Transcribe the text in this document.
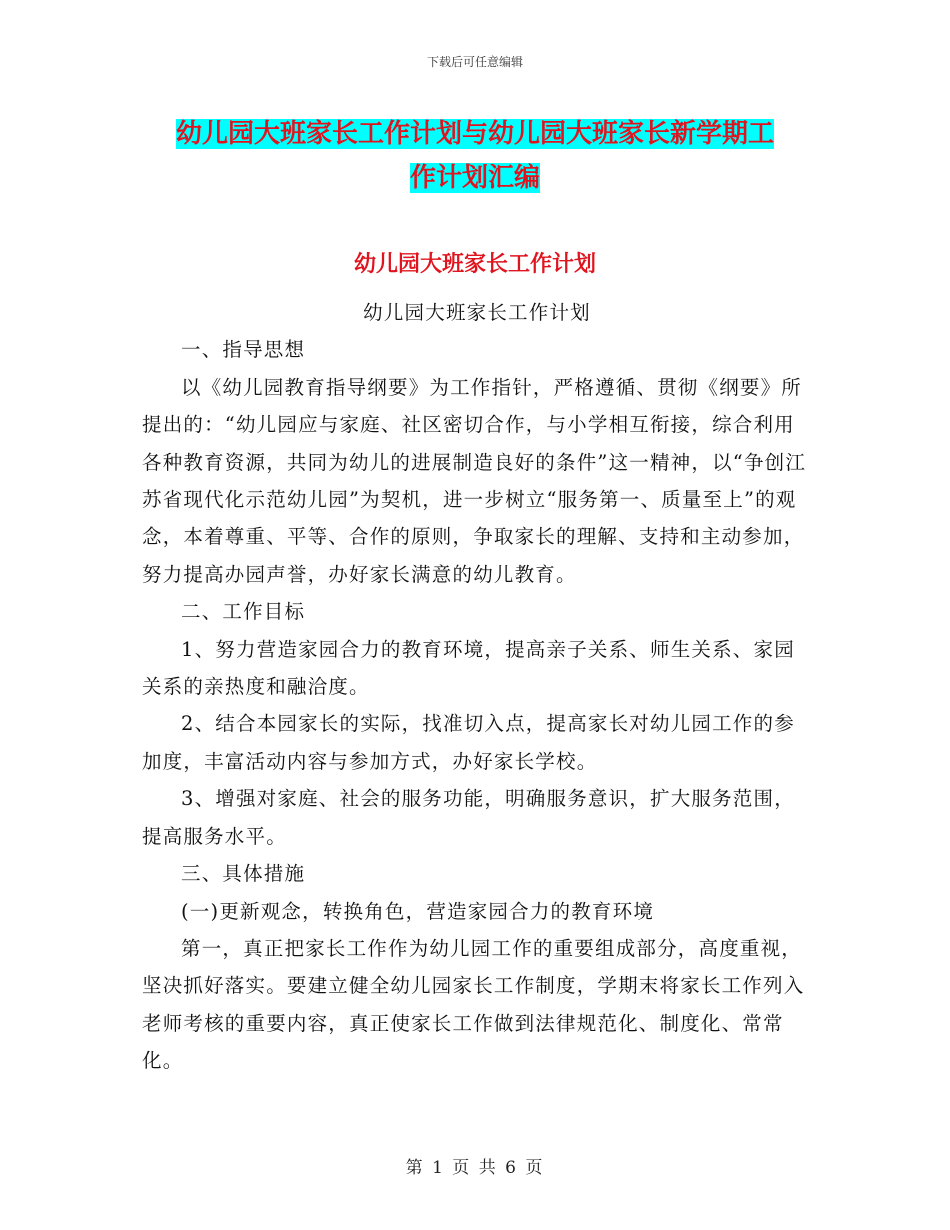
下载后可任意编辑
幼儿园大班家长工作计划与幼儿园大班家长新学期工
作计划汇编
幼儿园大班家长工作计划

幼儿园大班家长工作计划

一、指导思想

以《幼儿园教育指导纲要》为工作指针，严格遵循、贯彻《纲要》所提出的：“幼儿园应与家庭、社区密切合作，与小学相互衔接，综合利用各种教育资源，共同为幼儿的进展制造良好的条件”这一精神，以“争创江苏省现代化示范幼儿园”为契机，进一步树立“服务第一、质量至上”的观念，本着尊重、平等、合作的原则，争取家长的理解、支持和主动参加，努力提高办园声誉，办好家长满意的幼儿教育。

二、工作目标

1、努力营造家园合力的教育环境，提高亲子关系、师生关系、家园关系的亲热度和融洽度。

2、结合本园家长的实际，找准切入点，提高家长对幼儿园工作的参加度，丰富活动内容与参加方式，办好家长学校。

3、增强对家庭、社会的服务功能，明确服务意识，扩大服务范围，提高服务水平。

三、具体措施

(一)更新观念，转换角色，营造家园合力的教育环境

第一，真正把家长工作作为幼儿园工作的重要组成部分，高度重视，坚决抓好落实。要建立健全幼儿园家长工作制度，学期末将家长工作列入老师考核的重要内容，真正使家长工作做到法律规范化、制度化、常常化。

第 1 页 共 6 页
